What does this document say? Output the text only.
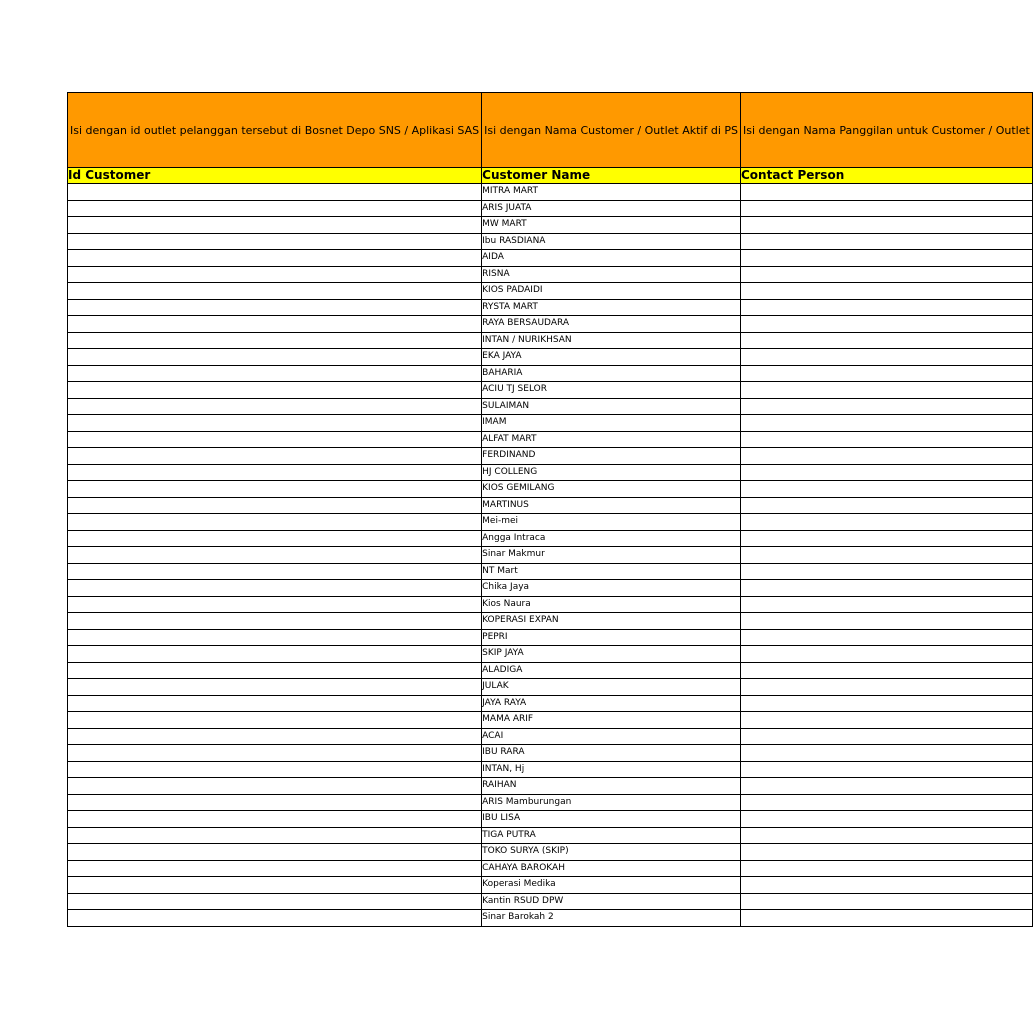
Isi dengan id outlet pelanggan tersebut di Bosnet Depo SNS / Aplikasi SAS	Isi dengan Nama Customer / Outlet Aktif di PS	Isi dengan Nama Panggilan untuk Customer / Outlet

Id Customer	Customer Name	Contact Person
	MITRA MART	
	ARIS JUATA	
	MW MART	
	Ibu RASDIANA	
	AIDA	
	RISNA	
	KIOS PADAIDI	
	RYSTA MART	
	RAYA BERSAUDARA	
	INTAN / NURIKHSAN	
	EKA JAYA	
	BAHARIA	
	ACIU TJ SELOR	
	SULAIMAN	
	IMAM	
	ALFAT MART	
	FERDINAND	
	HJ COLLENG	
	KIOS GEMILANG	
	MARTINUS	
	Mei-mei	
	Angga Intraca	
	Sinar Makmur	
	NT Mart	
	Chika Jaya	
	Kios Naura	
	KOPERASI EXPAN	
	PEPRI	
	SKIP JAYA	
	ALADIGA	
	JULAK	
	JAYA RAYA	
	MAMA ARIF	
	ACAI	
	IBU RARA	
	INTAN, Hj	
	RAIHAN	
	ARIS Mamburungan	
	IBU LISA	
	TIGA PUTRA	
	TOKO SURYA (SKIP)	
	CAHAYA BAROKAH	
	Koperasi Medika	
	Kantin RSUD DPW	
	Sinar Barokah 2	
